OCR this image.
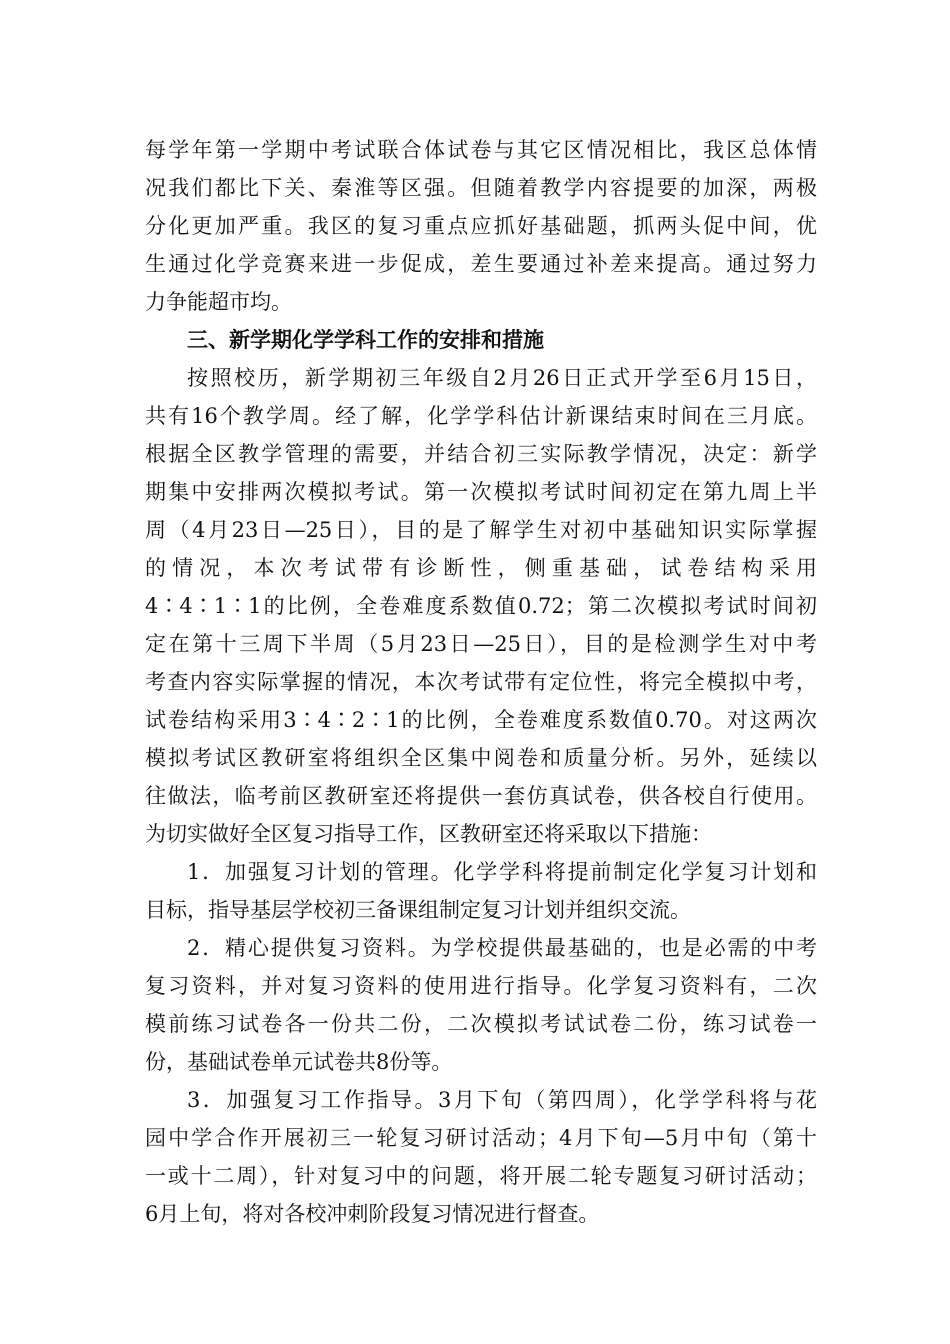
每学年第一学期中考试联合体试卷与其它区情况相比，我区总体情
况我们都比下关、秦淮等区强。但随着教学内容提要的加深，两极
分化更加严重。我区的复习重点应抓好基础题，抓两头促中间，优
生通过化学竞赛来进一步促成，差生要通过补差来提高。通过努力
力争能超市均。
三、新学期化学学科工作的安排和措施
按照校历，新学期初三年级自2月26日正式开学至6月15日，
共有16个教学周。经了解，化学学科估计新课结束时间在三月底。
根据全区教学管理的需要，并结合初三实际教学情况，决定：新学
期集中安排两次模拟考试。第一次模拟考试时间初定在第九周上半
周（4月23日—25日），目的是了解学生对初中基础知识实际掌握
的情况，本次考试带有诊断性，侧重基础，试卷结构采用
4∶4∶1∶1的比例，全卷难度系数值0.72；第二次模拟考试时间初
定在第十三周下半周（5月23日—25日），目的是检测学生对中考
考查内容实际掌握的情况，本次考试带有定位性，将完全模拟中考，
试卷结构采用3∶4∶2∶1的比例，全卷难度系数值0.70。对这两次
模拟考试区教研室将组织全区集中阅卷和质量分析。另外，延续以
往做法，临考前区教研室还将提供一套仿真试卷，供各校自行使用。
为切实做好全区复习指导工作，区教研室还将采取以下措施：
1．加强复习计划的管理。化学学科将提前制定化学复习计划和
目标，指导基层学校初三备课组制定复习计划并组织交流。
2．精心提供复习资料。为学校提供最基础的，也是必需的中考
复习资料，并对复习资料的使用进行指导。化学复习资料有，二次
模前练习试卷各一份共二份，二次模拟考试试卷二份，练习试卷一
份，基础试卷单元试卷共8份等。
3．加强复习工作指导。3月下旬（第四周），化学学科将与花
园中学合作开展初三一轮复习研讨活动；4月下旬—5月中旬（第十
一或十二周），针对复习中的问题，将开展二轮专题复习研讨活动；
6月上旬，将对各校冲刺阶段复习情况进行督查。
